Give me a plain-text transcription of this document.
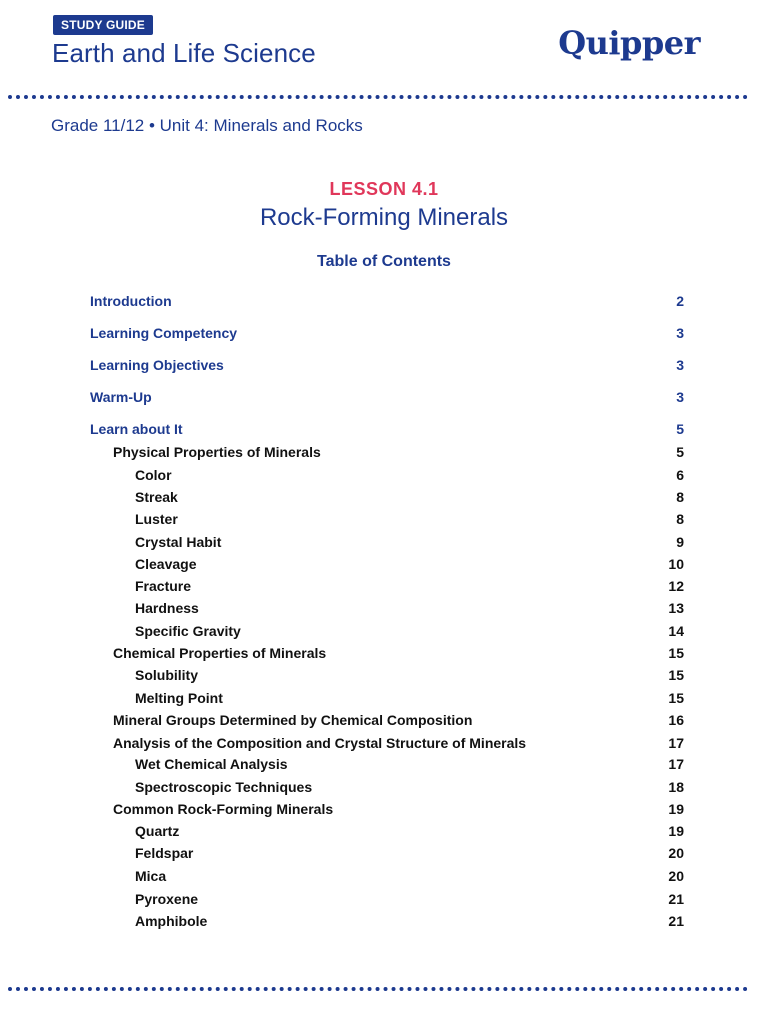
STUDY GUIDE
Earth and Life Science	Quipper
Grade 11/12 • Unit 4: Minerals and Rocks
LESSON 4.1
Rock-Forming Minerals
Table of Contents
Introduction	2
Learning Competency	3
Learning Objectives	3
Warm-Up	3
Learn about It	5
Physical Properties of Minerals	5
Color	6
Streak	8
Luster	8
Crystal Habit	9
Cleavage	10
Fracture	12
Hardness	13
Specific Gravity	14
Chemical Properties of Minerals	15
Solubility	15
Melting Point	15
Mineral Groups Determined by Chemical Composition	16
Analysis of the Composition and Crystal Structure of Minerals	17
Wet Chemical Analysis	17
Spectroscopic Techniques	18
Common Rock-Forming Minerals	19
Quartz	19
Feldspar	20
Mica	20
Pyroxene	21
Amphibole	21
